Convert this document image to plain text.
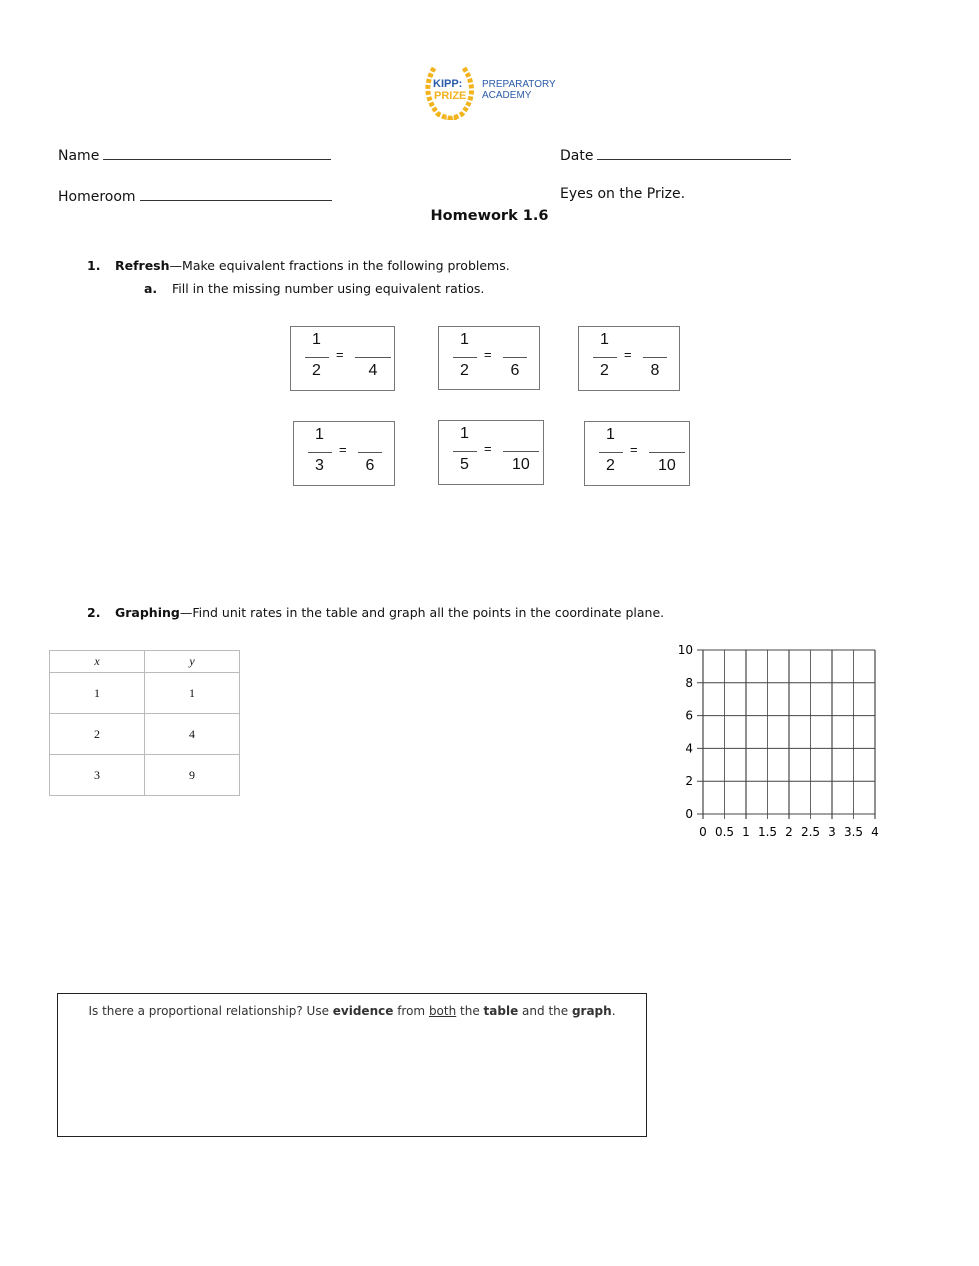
KIPP:
PRIZE
PREPARATORY
ACADEMY
Name	Date
Homeroom	Eyes on the Prize.
Homework 1.6
1. Refresh—Make equivalent fractions in the following problems.
a. Fill in the missing number using equivalent ratios.
1
2
=
4
1
2
=
6
1
2
=
8
1
3
=
6
1
5
=
10
1
2
=
10
2. Graphing—Find unit rates in the table and graph all the points in the coordinate plane.
x	y
1	1
2	4
3	9
0 0.5 1 1.5 2 2.5 3 3.5 4
0
2
4
6
8
10
Is there a proportional relationship? Use evidence from both the table and the graph.
